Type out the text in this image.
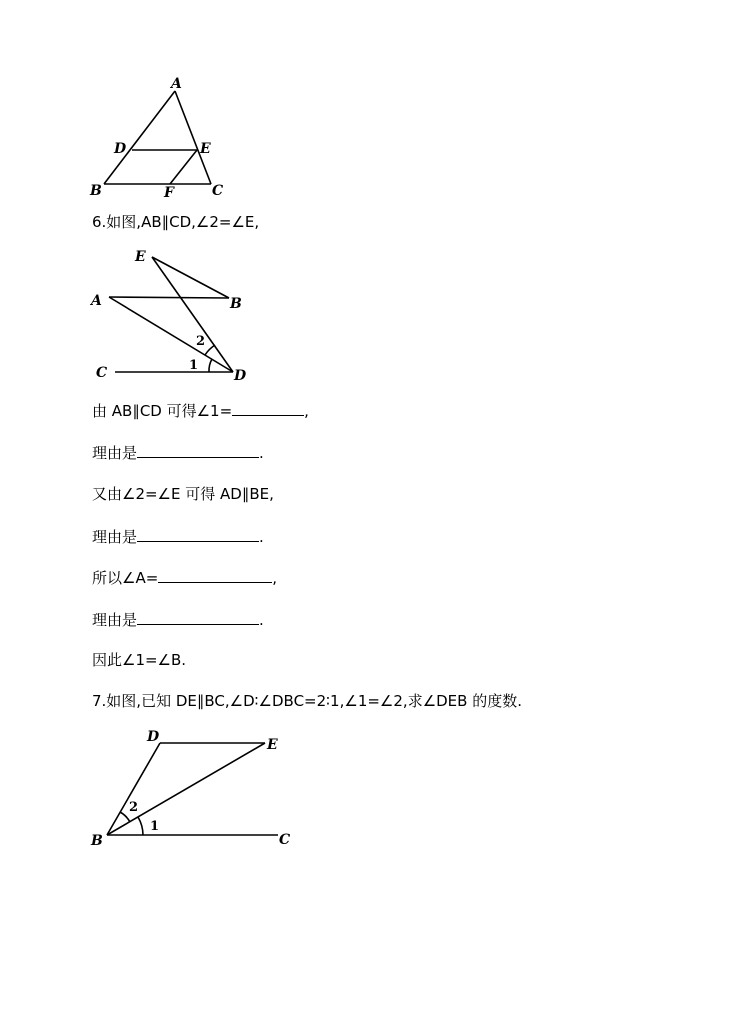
A
D	E
B	F	C
E
A	B
C	D
1
2
D	E
B	C
1
2
6.如图,AB∥CD,∠2=∠E,
由 AB∥CD 可得∠1=	,
理由是	.
又由∠2=∠E 可得 AD∥BE,
理由是	.
所以∠A=	,
理由是	.
因此∠1=∠B.
7.如图,已知 DE∥BC,∠D∶∠DBC=2∶1,∠1=∠2,求∠DEB 的度数.
